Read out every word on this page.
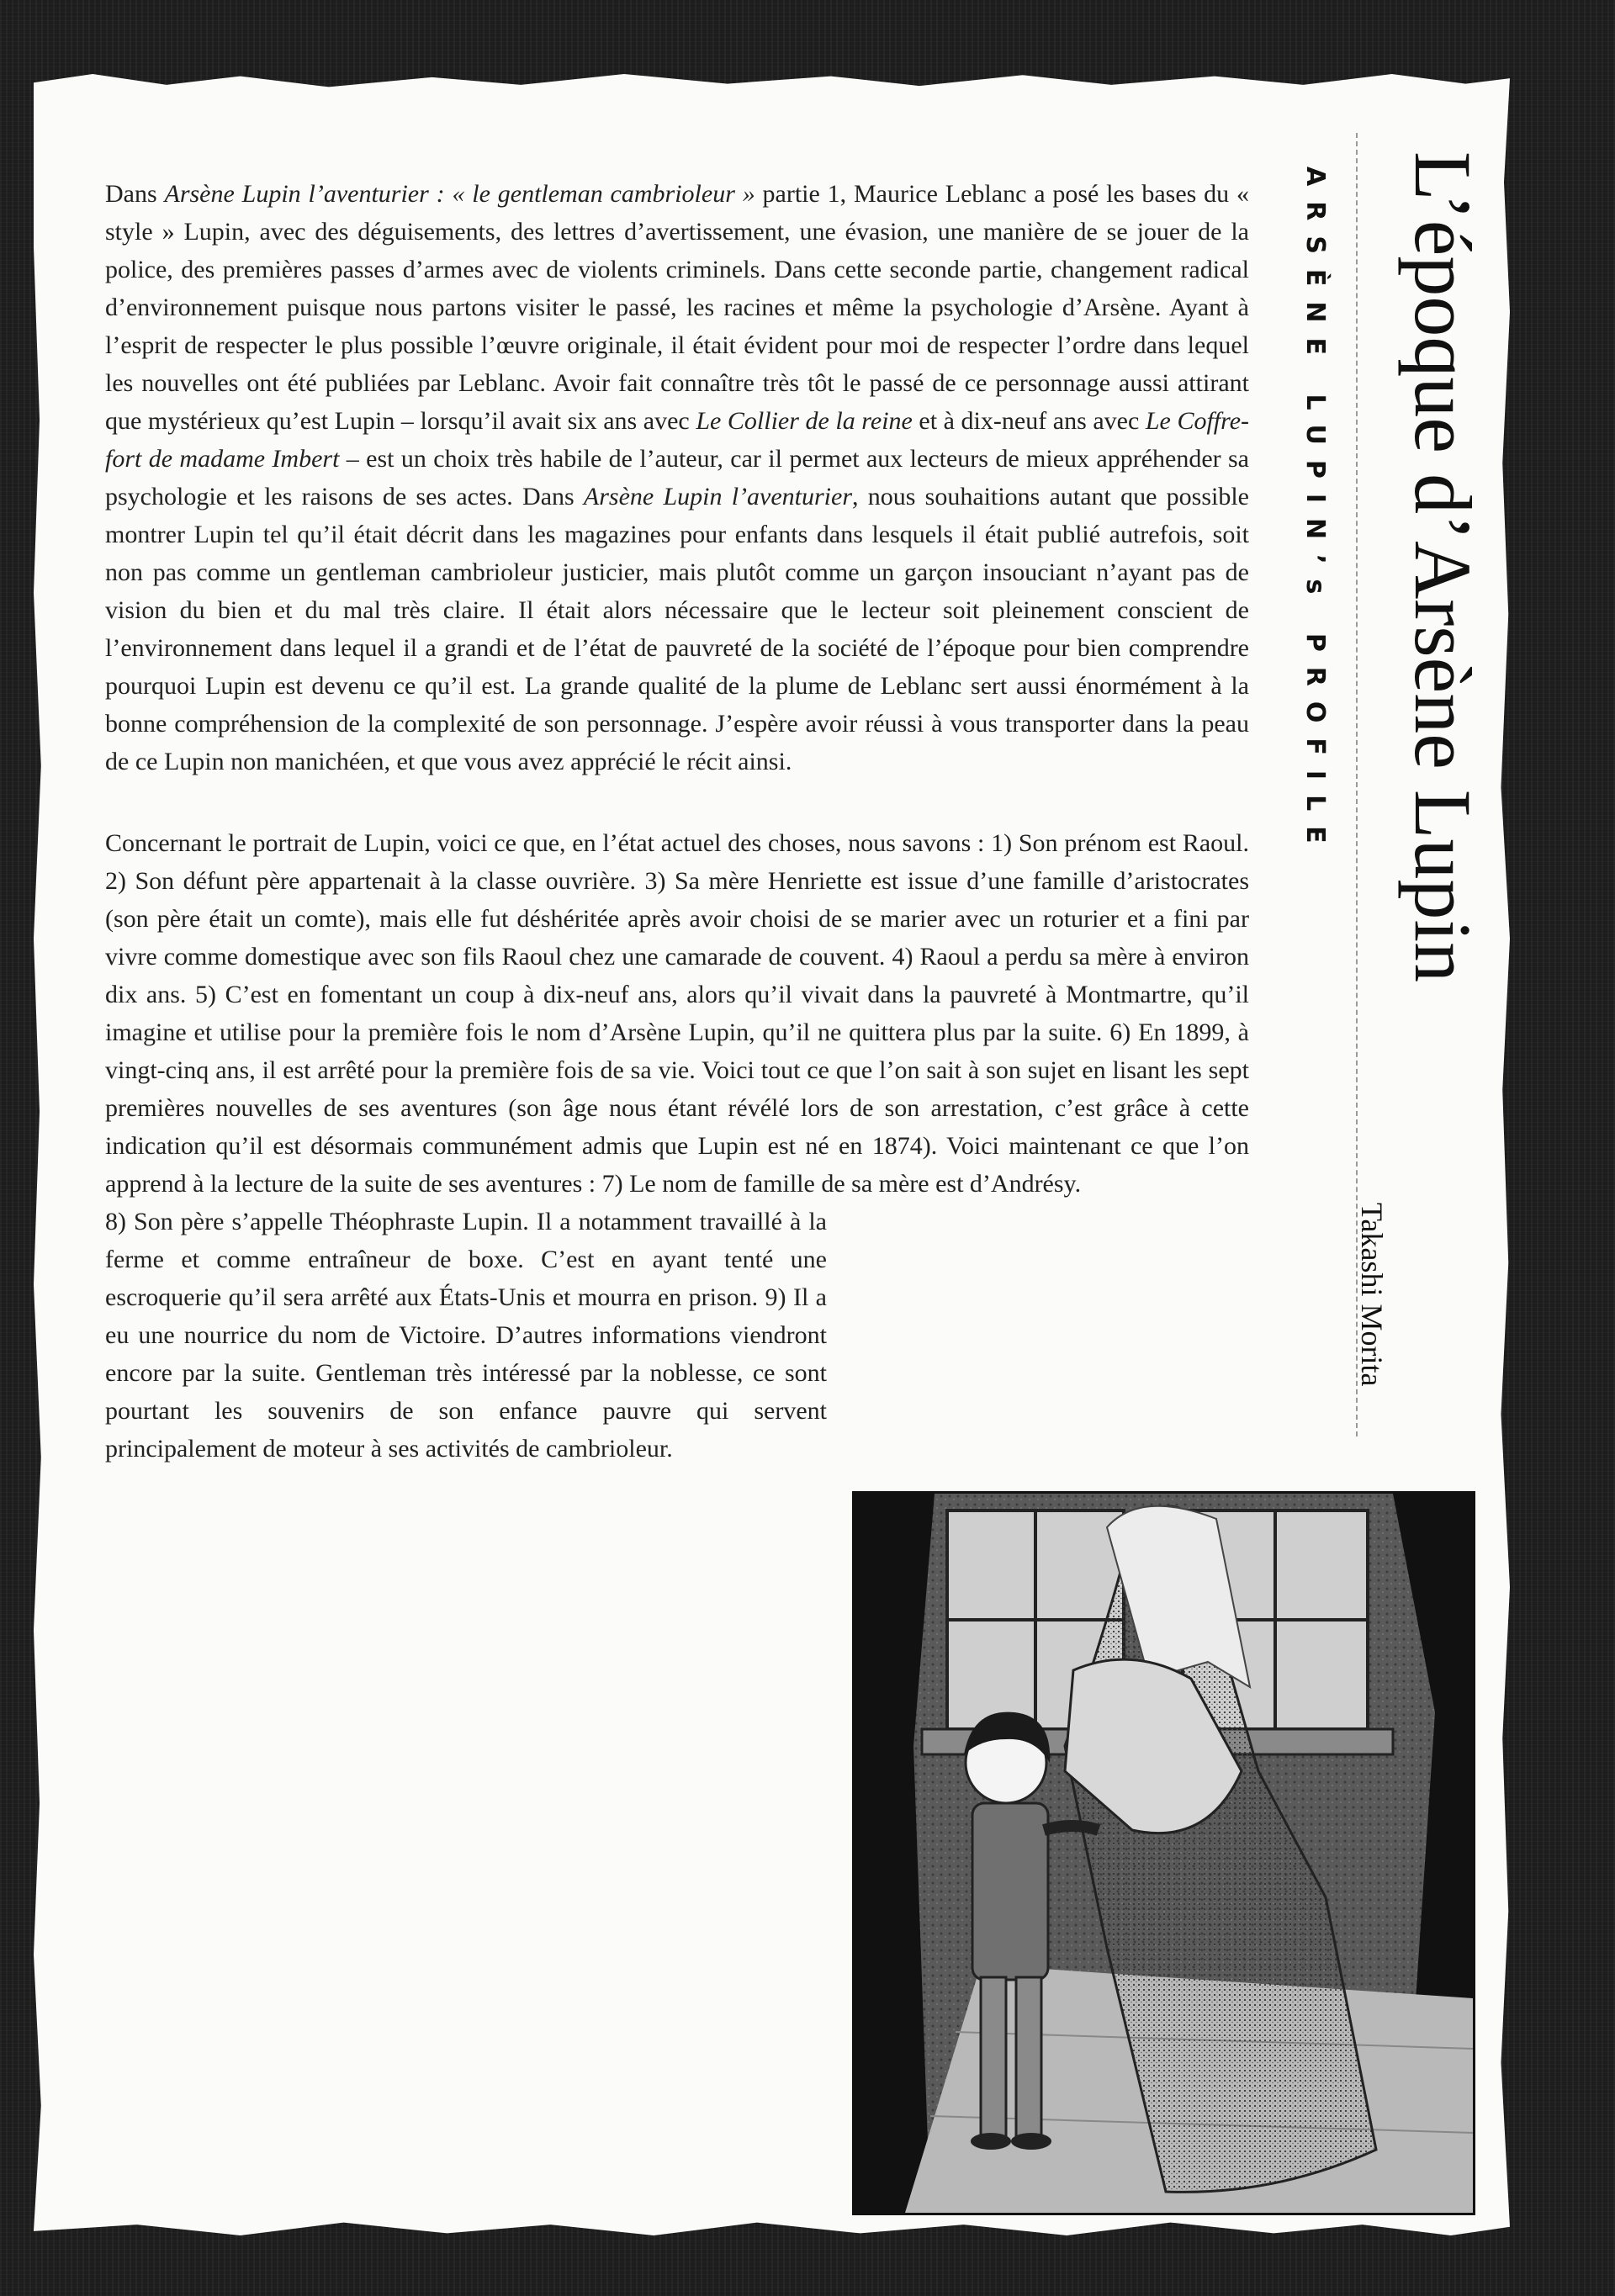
L’époque d’Arsène Lupin
ARSÈNE LUPIN’s PROFILE
Takashi Morita

Dans Arsène Lupin l’aventurier : « le gentleman cambrioleur » partie 1, Maurice Leblanc a posé les bases du « style » Lupin, avec des déguisements, des lettres d’avertissement, une évasion, une manière de se jouer de la police, des premières passes d’armes avec de violents criminels. Dans cette seconde partie, changement radical d’environnement puisque nous partons visiter le passé, les racines et même la psychologie d’Arsène. Ayant à l’esprit de respecter le plus possible l’œuvre originale, il était évident pour moi de respecter l’ordre dans lequel les nouvelles ont été publiées par Leblanc. Avoir fait connaître très tôt le passé de ce personnage aussi attirant que mystérieux qu’est Lupin – lorsqu’il avait six ans avec Le Collier de la reine et à dix-neuf ans avec Le Coffre-fort de madame Imbert – est un choix très habile de l’auteur, car il permet aux lecteurs de mieux appréhender sa psychologie et les raisons de ses actes. Dans Arsène Lupin l’aventurier, nous souhaitions autant que possible montrer Lupin tel qu’il était décrit dans les magazines pour enfants dans lesquels il était publié autrefois, soit non pas comme un gentleman cambrioleur justicier, mais plutôt comme un garçon insouciant n’ayant pas de vision du bien et du mal très claire. Il était alors nécessaire que le lecteur soit pleinement conscient de l’environnement dans lequel il a grandi et de l’état de pauvreté de la société de l’époque pour bien comprendre pourquoi Lupin est devenu ce qu’il est. La grande qualité de la plume de Leblanc sert aussi énormément à la bonne compréhension de la complexité de son personnage. J’espère avoir réussi à vous transporter dans la peau de ce Lupin non manichéen, et que vous avez apprécié le récit ainsi.

Concernant le portrait de Lupin, voici ce que, en l’état actuel des choses, nous savons : 1) Son prénom est Raoul. 2) Son défunt père appartenait à la classe ouvrière. 3) Sa mère Henriette est issue d’une famille d’aristocrates (son père était un comte), mais elle fut déshéritée après avoir choisi de se marier avec un roturier et a fini par vivre comme domestique avec son fils Raoul chez une camarade de couvent. 4) Raoul a perdu sa mère à environ dix ans. 5) C’est en fomentant un coup à dix-neuf ans, alors qu’il vivait dans la pauvreté à Montmartre, qu’il imagine et utilise pour la première fois le nom d’Arsène Lupin, qu’il ne quittera plus par la suite. 6) En 1899, à vingt-cinq ans, il est arrêté pour la première fois de sa vie. Voici tout ce que l’on sait à son sujet en lisant les sept premières nouvelles de ses aventures (son âge nous étant révélé lors de son arrestation, c’est grâce à cette indication qu’il est désormais communément admis que Lupin est né en 1874). Voici maintenant ce que l’on apprend à la lecture de la suite de ses aventures : 7) Le nom de famille de sa mère est d’Andrésy.

8) Son père s’appelle Théophraste Lupin. Il a notamment travaillé à la ferme et comme entraîneur de boxe. C’est en ayant tenté une escroquerie qu’il sera arrêté aux États-Unis et mourra en prison. 9) Il a eu une nourrice du nom de Victoire. D’autres informations viendront encore par la suite. Gentleman très intéressé par la noblesse, ce sont pourtant les souvenirs de son enfance pauvre qui servent principalement de moteur à ses activités de cambrioleur.
